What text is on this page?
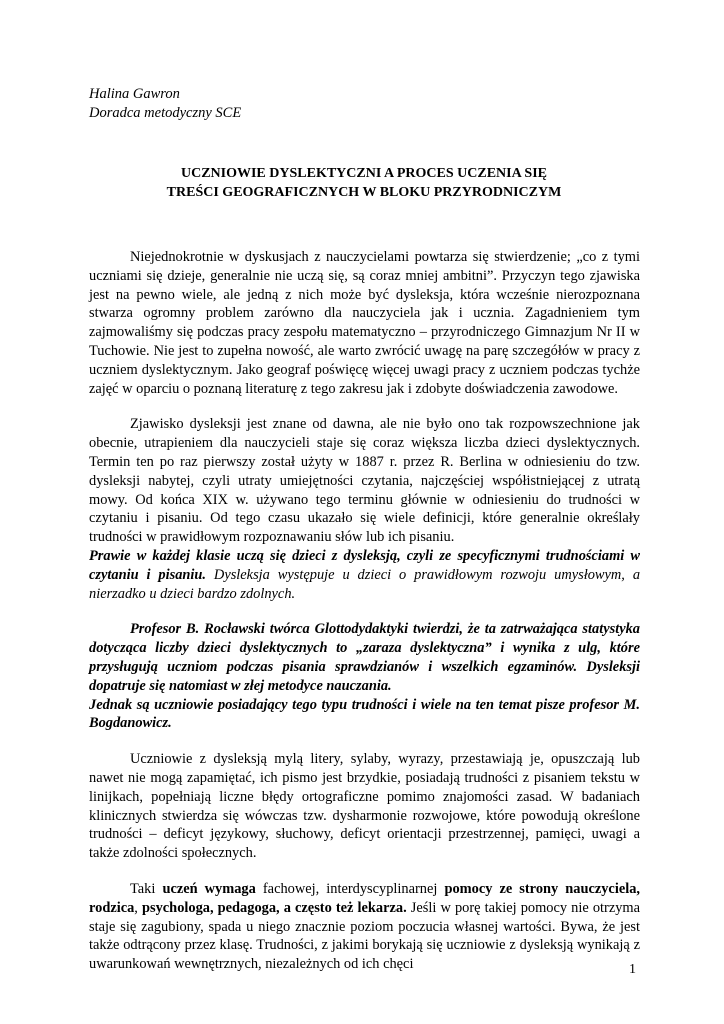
Halina Gawron
Doradca metodyczny SCE
UCZNIOWIE DYSLEKTYCZNI A PROCES UCZENIA SIĘ
TREŚCI GEOGRAFICZNYCH W BLOKU PRZYRODNICZYM

Niejednokrotnie w dyskusjach z nauczycielami powtarza się stwierdzenie; „co z tymi uczniami się dzieje, generalnie nie uczą się, są coraz mniej ambitni”. Przyczyn tego zjawiska jest na pewno wiele, ale jedną z nich może być dysleksja, która wcześnie nierozpoznana stwarza ogromny problem zarówno dla nauczyciela jak i ucznia. Zagadnieniem tym zajmowaliśmy się podczas pracy zespołu matematyczno – przyrodniczego Gimnazjum Nr II w Tuchowie. Nie jest to zupełna nowość, ale warto zwrócić uwagę na parę szczegółów w pracy z uczniem dyslektycznym. Jako geograf poświęcę więcej uwagi pracy z uczniem podczas tychże zajęć w oparciu o poznaną literaturę z tego zakresu jak i zdobyte doświadczenia zawodowe.

Zjawisko dysleksji jest znane od dawna, ale nie było ono tak rozpowszechnione jak obecnie, utrapieniem dla nauczycieli staje się coraz większa liczba dzieci dyslektycznych. Termin ten po raz pierwszy został użyty w 1887 r. przez R. Berlina w odniesieniu do tzw. dysleksji nabytej, czyli utraty umiejętności czytania, najczęściej współistniejącej z utratą mowy. Od końca XIX w. używano tego terminu głównie w odniesieniu do trudności w czytaniu i pisaniu. Od tego czasu ukazało się wiele definicji, które generalnie określały trudności w prawidłowym rozpoznawaniu słów lub ich pisaniu.

Prawie w każdej klasie uczą się dzieci z dysleksją, czyli ze specyficznymi trudnościami w czytaniu i pisaniu. Dysleksja występuje u dzieci o prawidłowym rozwoju umysłowym, a nierzadko u dzieci bardzo zdolnych.

Profesor B. Rocławski twórca Glottodydaktyki twierdzi, że ta zatrważająca statystyka dotycząca liczby dzieci dyslektycznych to „zaraza dyslektyczna” i wynika z ulg, które przysługują uczniom podczas pisania sprawdzianów i wszelkich egzaminów. Dysleksji dopatruje się natomiast w złej metodyce nauczania.

Jednak są uczniowie posiadający tego typu trudności i wiele na ten temat pisze profesor M. Bogdanowicz.

Uczniowie z dysleksją mylą litery, sylaby, wyrazy, przestawiają je, opuszczają lub nawet nie mogą zapamiętać, ich pismo jest brzydkie, posiadają trudności z pisaniem tekstu w linijkach, popełniają liczne błędy ortograficzne pomimo znajomości zasad. W badaniach klinicznych stwierdza się wówczas tzw. dysharmonie rozwojowe, które powodują określone trudności – deficyt językowy, słuchowy, deficyt orientacji przestrzennej, pamięci, uwagi a także zdolności społecznych.

Taki uczeń wymaga fachowej, interdyscyplinarnej pomocy ze strony nauczyciela, rodzica, psychologa, pedagoga, a często też lekarza. Jeśli w porę takiej pomocy nie otrzyma staje się zagubiony, spada u niego znacznie poziom poczucia własnej wartości. Bywa, że jest także odtrącony przez klasę. Trudności, z jakimi borykają się uczniowie z dysleksją wynikają z uwarunkowań wewnętrznych, niezależnych od ich chęci	1
